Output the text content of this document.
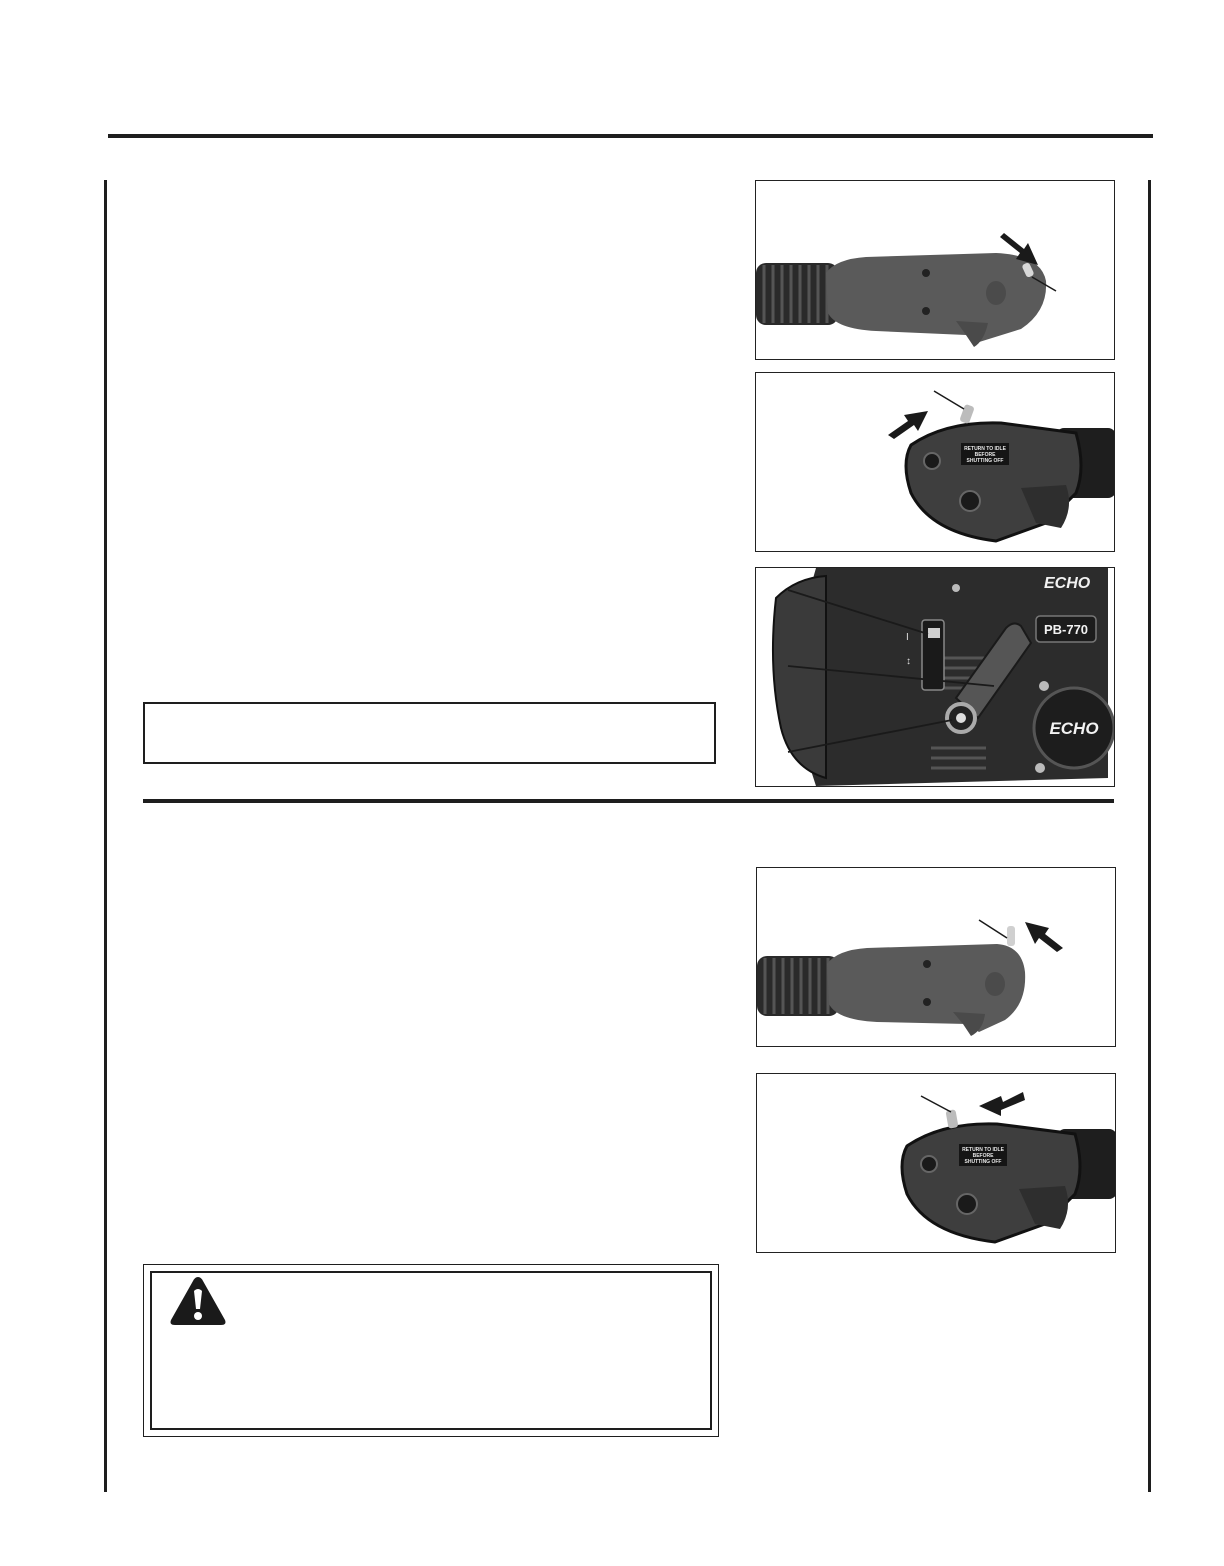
RETURN TO IDLE
BEFORE
SHUTTING OFF
ECHO
PB-770
I
↕
ECHO
RETURN TO IDLE
BEFORE
SHUTTING OFF
